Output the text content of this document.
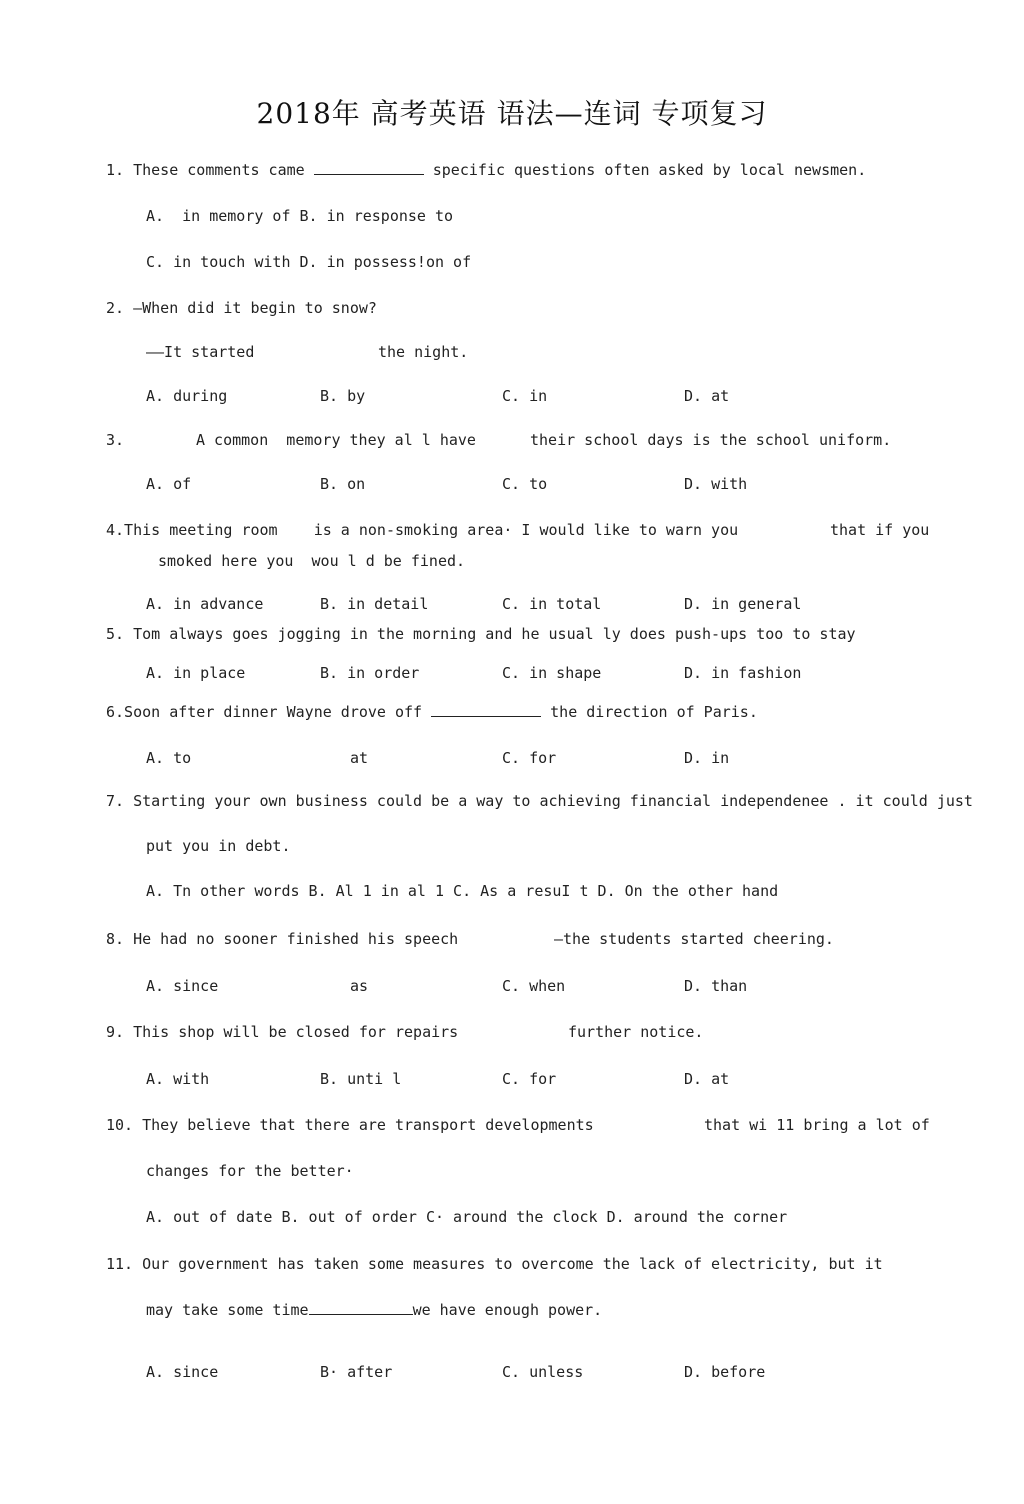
2018年 高考英语 语法—连词 专项复习
1. These comments came	specific questions often asked by local newsmen.
A.  in memory of B. in response to
C. in touch with D. in possess!on of
2. —When did it begin to snow?
——It started	the night.
A. during	B. by	C. in	D. at
3.	A common  memory they al l have	their school days is the school uniform.
A. of	B. on	C. to	D. with
4.This meeting room    is a non-smoking area· I would like to warn you	that if you
smoked here you  wou l d be fined.
A. in advance	B. in detail	C. in total	D. in general
5. Tom always goes jogging in the morning and he usual ly does push-ups too to stay
A. in place	B. in order	C. in shape	D. in fashion
6.Soon after dinner Wayne drove off	the direction of Paris.
A. to	at	C. for	D. in
7. Starting your own business could be a way to achieving financial independenee . it could just
put you in debt.
A. Tn other words B. Al 1 in al 1 C. As a resuI t D. On the other hand
8. He had no sooner finished his speech	—the students started cheering.
A. since	as	C. when	D. than
9. This shop will be closed for repairs	further notice.
A. with	B. unti l	C. for	D. at
10. They believe that there are transport developments	that wi 11 bring a lot of
changes for the better·
A. out of date B. out of order C· around the clock D. around the corner
11. Our government has taken some measures to overcome the lack of electricity, but it
may take some time	we have enough power.
A. since	B· after	C. unless	D. before
